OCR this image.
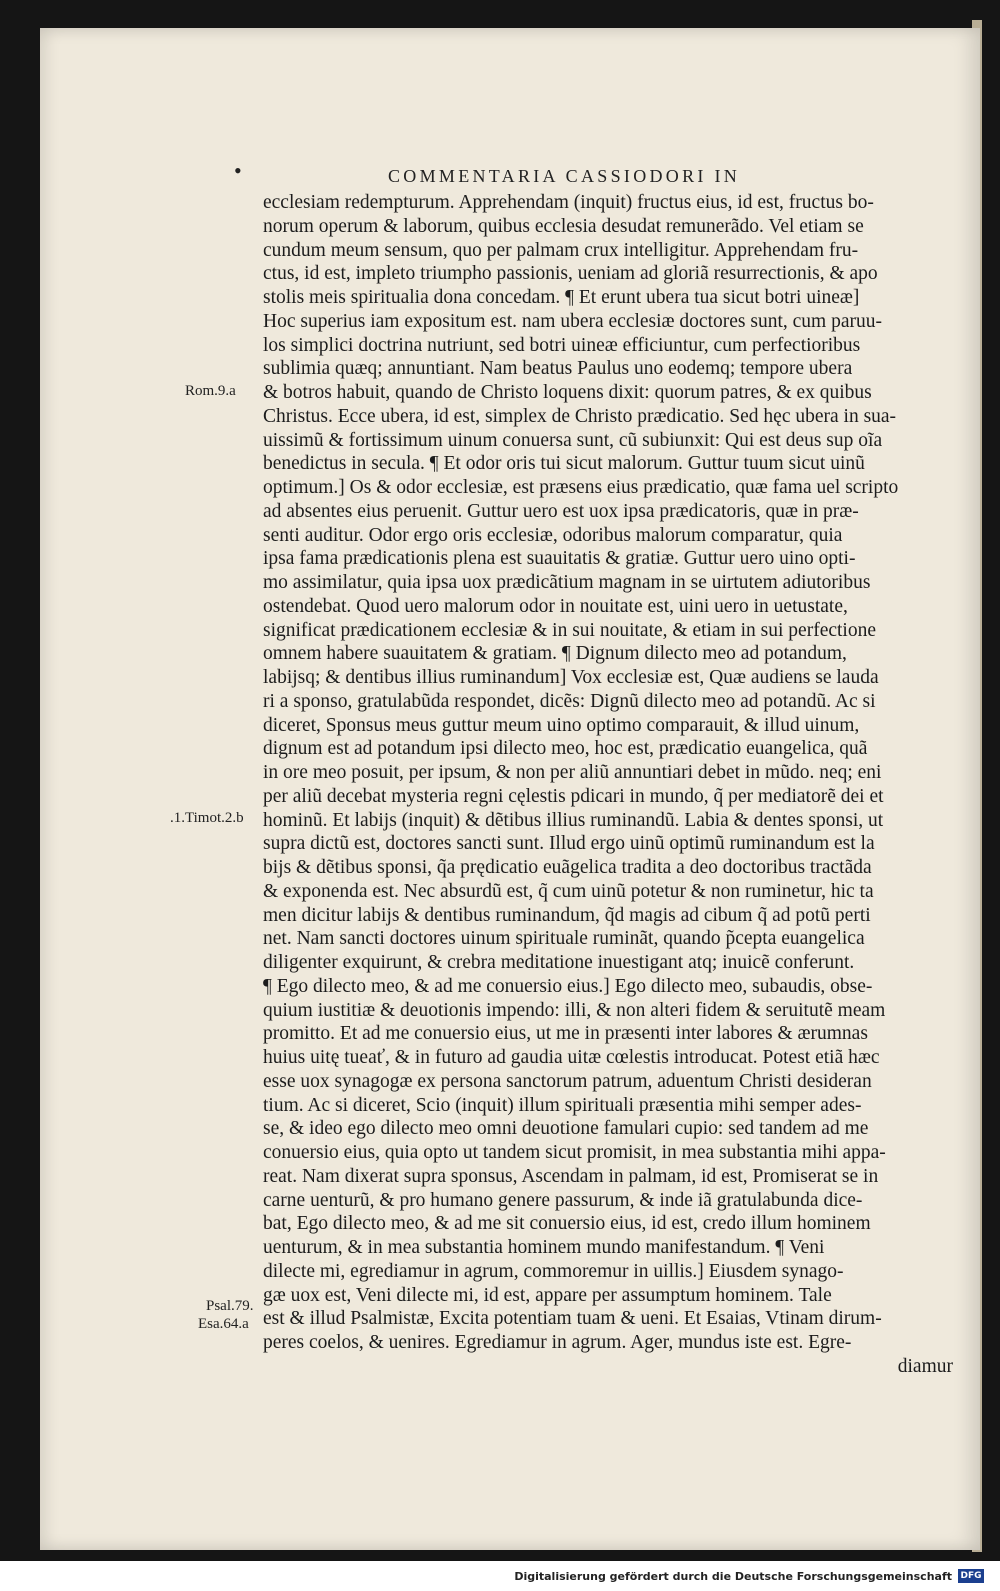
•	COMMENTARIA CASSIODORI IN
Rom.9.a
.1.Timot.2.b
Psal.79.
Esa.64.a
ecclesiam redempturum. Apprehendam (inquit) fructus eius, id est, fructus bo-
norum operum & laborum, quibus ecclesia desudat remunerãdo. Vel etiam se
cundum meum sensum, quo per palmam crux intelligitur. Apprehendam fru-
ctus, id est, impleto triumpho passionis, ueniam ad gloriã resurrectionis, & apo
stolis meis spiritualia dona concedam. ¶ Et erunt ubera tua sicut botri uineæ]
Hoc superius iam expositum est. nam ubera ecclesiæ doctores sunt, cum paruu-
los simplici doctrina nutriunt, sed botri uineæ efficiuntur, cum perfectioribus
sublimia quæq; annuntiant. Nam beatus Paulus uno eodemq; tempore ubera
& botros habuit, quando de Christo loquens dixit: quorum patres, & ex quibus
Christus. Ecce ubera, id est, simplex de Christo prædicatio. Sed hęc ubera in sua-
uissimũ & fortissimum uinum conuersa sunt, cũ subiunxit: Qui est deus sup oĩa
benedictus in secula. ¶ Et odor oris tui sicut malorum. Guttur tuum sicut uinũ
optimum.] Os & odor ecclesiæ, est præsens eius prædicatio, quæ fama uel scripto
ad absentes eius peruenit. Guttur uero est uox ipsa prædicatoris, quæ in præ-
senti auditur. Odor ergo oris ecclesiæ, odoribus malorum comparatur, quia
ipsa fama prædicationis plena est suauitatis & gratiæ. Guttur uero uino opti-
mo assimilatur, quia ipsa uox prædicãtium magnam in se uirtutem adiutoribus
ostendebat. Quod uero malorum odor in nouitate est, uini uero in uetustate,
significat prædicationem ecclesiæ & in sui nouitate, & etiam in sui perfectione
omnem habere suauitatem & gratiam. ¶ Dignum dilecto meo ad potandum,
labijsq; & dentibus illius ruminandum] Vox ecclesiæ est, Quæ audiens se lauda
ri a sponso, gratulabũda respondet, dicẽs: Dignũ dilecto meo ad potandũ. Ac si
diceret, Sponsus meus guttur meum uino optimo comparauit, & illud uinum,
dignum est ad potandum ipsi dilecto meo, hoc est, prædicatio euangelica, quã
in ore meo posuit, per ipsum, & non per aliũ annuntiari debet in mũdo. neq; eni
per aliũ decebat mysteria regni cęlestis pdicari in mundo, q̃ per mediatorẽ dei et
hominũ. Et labijs (inquit) & dẽtibus illius ruminandũ. Labia & dentes sponsi, ut
supra dictũ est, doctores sancti sunt. Illud ergo uinũ optimũ ruminandum est la
bijs & dẽtibus sponsi, q̃a prędicatio euãgelica tradita a deo doctoribus tractãda
& exponenda est. Nec absurdũ est, q̃ cum uinũ potetur & non ruminetur, hic ta
men dicitur labijs & dentibus ruminandum, q̃d magis ad cibum q̃ ad potũ perti
net. Nam sancti doctores uinum spirituale ruminãt, quando p̃cepta euangelica
diligenter exquirunt, & crebra meditatione inuestigant atq; inuicẽ conferunt.
¶ Ego dilecto meo, & ad me conuersio eius.] Ego dilecto meo, subaudis, obse-
quium iustitiæ & deuotionis impendo: illi, & non alteri fidem & seruitutẽ meam
promitto. Et ad me conuersio eius, ut me in præsenti inter labores & ærumnas
huius uitę tueať, & in futuro ad gaudia uitæ cœlestis introducat. Potest etiã hæc
esse uox synagogæ ex persona sanctorum patrum, aduentum Christi desideran
tium. Ac si diceret, Scio (inquit) illum spirituali præsentia mihi semper ades-
se, & ideo ego dilecto meo omni deuotione famulari cupio: sed tandem ad me
conuersio eius, quia opto ut tandem sicut promisit, in mea substantia mihi appa-
reat. Nam dixerat supra sponsus, Ascendam in palmam, id est, Promiserat se in
carne uenturũ, & pro humano genere passurum, & inde iã gratulabunda dice-
bat, Ego dilecto meo, & ad me sit conuersio eius, id est, credo illum hominem
uenturum, & in mea substantia hominem mundo manifestandum. ¶ Veni
dilecte mi, egrediamur in agrum, commoremur in uillis.] Eiusdem synago-
gæ uox est, Veni dilecte mi, id est, appare per assumptum hominem. Tale
est & illud Psalmistæ, Excita potentiam tuam & ueni. Et Esaias, Vtinam dirum-
peres coelos, & uenires. Egrediamur in agrum. Ager, mundus iste est. Egre-
diamur
Digitalisierung gefördert durch die Deutsche Forschungsgemeinschaft DFG
